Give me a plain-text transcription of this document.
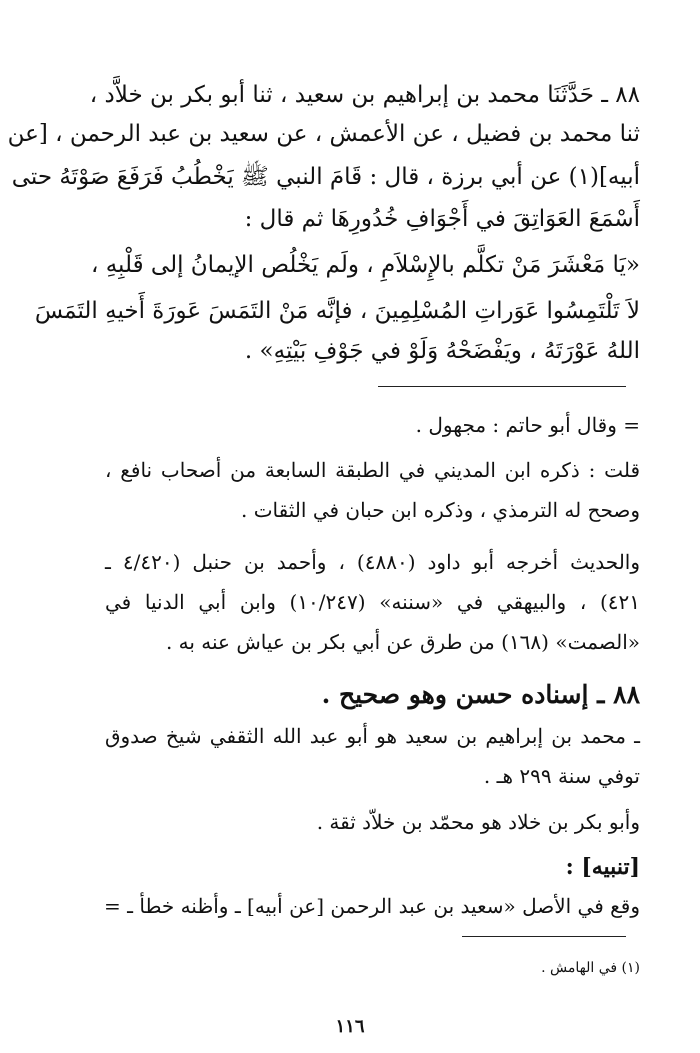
٨٨ ـ حَدَّثَنَا محمد بن إبراهيم بن سعيد ، ثنا أبو بكر بن خلاَّد ،
ثنا محمد بن فضيل ، عن الأعمش ، عن سعيد بن عبد الرحمن ، [عن
أبيه](١) عن أبي برزة ، قال : قَامَ النبي ﷺ يَخْطُبُ فَرَفَعَ صَوْتَهُ حتى
أَسْمَعَ العَوَاتِقَ في أَجْوَافِ خُدُورِهَا ثم قال :
«يَا مَعْشَرَ مَنْ تكلَّم بالإِسْلاَمِ ، ولَم يَخْلُص الإيمانُ إلى قَلْبِهِ ،
لاَ تَلْتَمِسُوا عَوَراتِ المُسْلِمِينَ ، فإنَّه مَنْ التَمَسَ عَورَةَ أَخيهِ التَمَسَ
اللهُ عَوْرَتَهُ ، ويَفْضَحْهُ وَلَوْ في جَوْفِ بَيْتِهِ» .
= وقال أبو حاتم : مجهول .
قلت : ذكره ابن المديني في الطبقة السابعة من أصحاب نافع ،
وصحح له الترمذي ، وذكره ابن حبان في الثقات .
والحديث أخرجه أبو داود (٤٨٨٠) ، وأحمد بن حنبل (٤/٤٢٠ ـ
٤٢١) ، والبيهقي في «سننه» (١٠/٢٤٧) وابن أبي الدنيا في
«الصمت» (١٦٨) من طرق عن أبي بكر بن عياش عنه به .
٨٨ ـ إسناده حسن وهو صحيح .
ـ محمد بن إبراهيم بن سعيد هو أبو عبد الله الثقفي شيخ صدوق
توفي سنة ٢٩٩ هـ .
وأبو بكر بن خلاد هو محمّد بن خلاّد ثقة .
[تنبيه] :
وقع في الأصل «سعيد بن عبد الرحمن [عن أبيه] ـ وأظنه خطأ ـ =
(١) في الهامش .
١١٦
